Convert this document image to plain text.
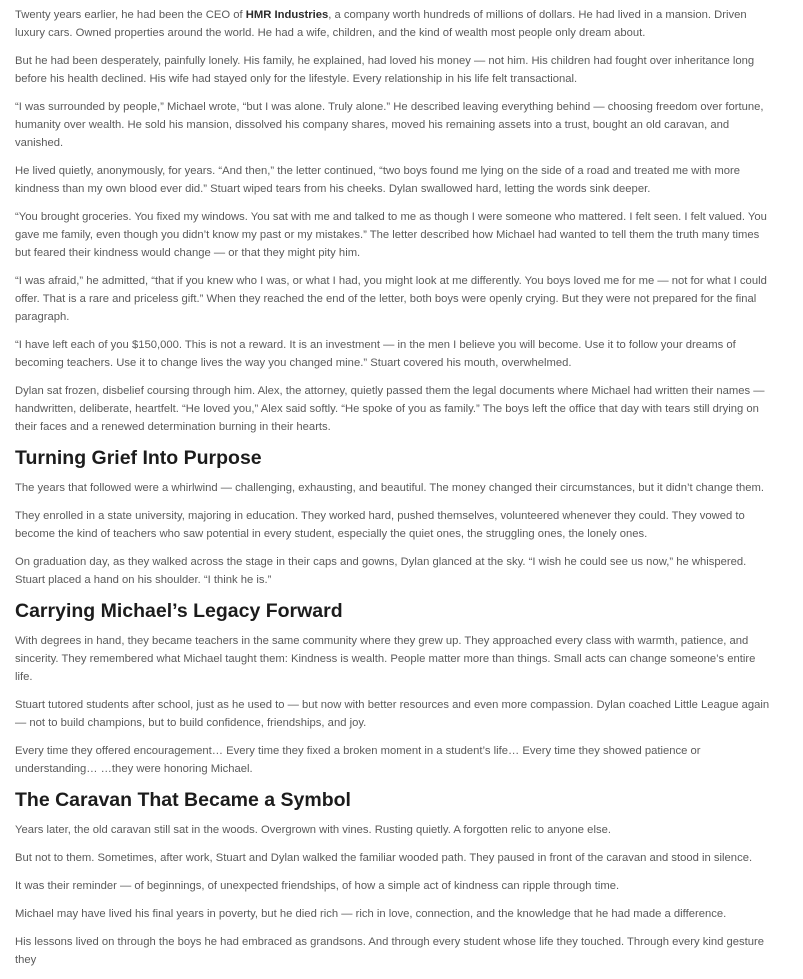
Twenty years earlier, he had been the CEO of HMR Industries, a company worth hundreds of millions of dollars. He had lived in a mansion. Driven luxury cars. Owned properties around the world. He had a wife, children, and the kind of wealth most people only dream about.

But he had been desperately, painfully lonely. His family, he explained, had loved his money — not him. His children had fought over inheritance long before his health declined. His wife had stayed only for the lifestyle. Every relationship in his life felt transactional.

“I was surrounded by people,” Michael wrote, “but I was alone. Truly alone.” He described leaving everything behind — choosing freedom over fortune, humanity over wealth. He sold his mansion, dissolved his company shares, moved his remaining assets into a trust, bought an old caravan, and vanished.

He lived quietly, anonymously, for years. “And then,” the letter continued, “two boys found me lying on the side of a road and treated me with more kindness than my own blood ever did.” Stuart wiped tears from his cheeks. Dylan swallowed hard, letting the words sink deeper.

“You brought groceries. You fixed my windows. You sat with me and talked to me as though I were someone who mattered. I felt seen. I felt valued. You gave me family, even though you didn’t know my past or my mistakes.” The letter described how Michael had wanted to tell them the truth many times but feared their kindness would change — or that they might pity him.

“I was afraid,” he admitted, “that if you knew who I was, or what I had, you might look at me differently. You boys loved me for me — not for what I could offer. That is a rare and priceless gift.” When they reached the end of the letter, both boys were openly crying. But they were not prepared for the final paragraph.

“I have left each of you $150,000. This is not a reward. It is an investment — in the men I believe you will become. Use it to follow your dreams of becoming teachers. Use it to change lives the way you changed mine.” Stuart covered his mouth, overwhelmed.

Dylan sat frozen, disbelief coursing through him. Alex, the attorney, quietly passed them the legal documents where Michael had written their names — handwritten, deliberate, heartfelt. “He loved you,” Alex said softly. “He spoke of you as family.” The boys left the office that day with tears still drying on their faces and a renewed determination burning in their hearts.

Turning Grief Into Purpose

The years that followed were a whirlwind — challenging, exhausting, and beautiful. The money changed their circumstances, but it didn’t change them.

They enrolled in a state university, majoring in education. They worked hard, pushed themselves, volunteered whenever they could. They vowed to become the kind of teachers who saw potential in every student, especially the quiet ones, the struggling ones, the lonely ones.

On graduation day, as they walked across the stage in their caps and gowns, Dylan glanced at the sky. “I wish he could see us now,” he whispered. Stuart placed a hand on his shoulder. “I think he is.”

Carrying Michael’s Legacy Forward

With degrees in hand, they became teachers in the same community where they grew up. They approached every class with warmth, patience, and sincerity. They remembered what Michael taught them: Kindness is wealth. People matter more than things. Small acts can change someone’s entire life.

Stuart tutored students after school, just as he used to — but now with better resources and even more compassion. Dylan coached Little League again — not to build champions, but to build confidence, friendships, and joy.

Every time they offered encouragement… Every time they fixed a broken moment in a student’s life… Every time they showed patience or understanding… …they were honoring Michael.

The Caravan That Became a Symbol

Years later, the old caravan still sat in the woods. Overgrown with vines. Rusting quietly. A forgotten relic to anyone else.

But not to them. Sometimes, after work, Stuart and Dylan walked the familiar wooded path. They paused in front of the caravan and stood in silence.

It was their reminder — of beginnings, of unexpected friendships, of how a simple act of kindness can ripple through time.

Michael may have lived his final years in poverty, but he died rich — rich in love, connection, and the knowledge that he had made a difference.

His lessons lived on through the boys he had embraced as grandsons. And through every student whose life they touched. Through every kind gesture they
